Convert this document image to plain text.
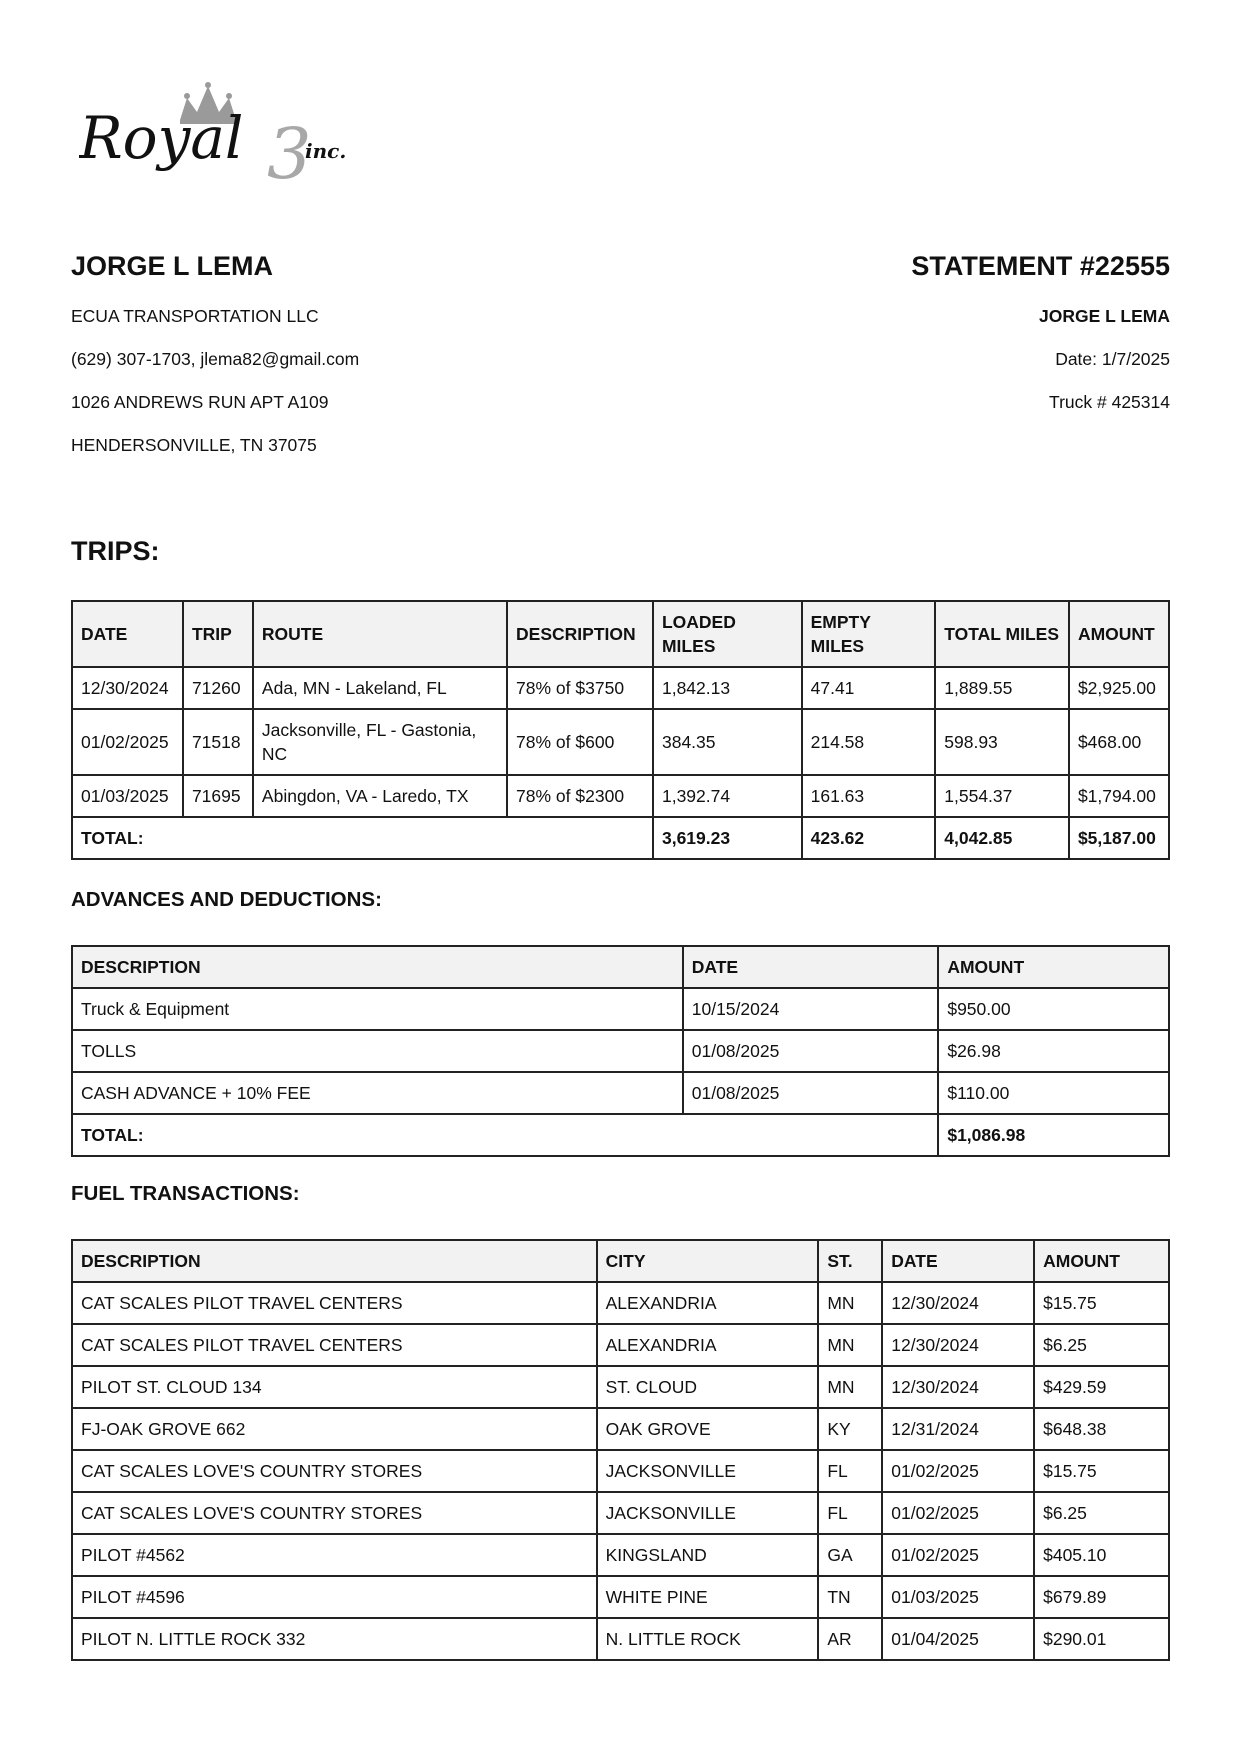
Royal 3
inc.
JORGE L LEMA

ECUA TRANSPORTATION LLC

(629) 307-1703, jlema82@gmail.com

1026 ANDREWS RUN APT A109

HENDERSONVILLE, TN 37075

STATEMENT #22555

JORGE L LEMA

Date: 1/7/2025

Truck # 425314

TRIPS:
DATE	TRIP	ROUTE	DESCRIPTION	LOADED MILES	EMPTY MILES	TOTAL MILES	AMOUNT
12/30/2024	71260	Ada, MN - Lakeland, FL	78% of $3750	1,842.13	47.41	1,889.55	$2,925.00
01/02/2025	71518	Jacksonville, FL - Gastonia, NC	78% of $600	384.35	214.58	598.93	$468.00
01/03/2025	71695	Abingdon, VA - Laredo, TX	78% of $2300	1,392.74	161.63	1,554.37	$1,794.00
TOTAL:				3,619.23	423.62	4,042.85	$5,187.00
ADVANCES AND DEDUCTIONS:
DESCRIPTION	DATE	AMOUNT
Truck & Equipment	10/15/2024	$950.00
TOLLS	01/08/2025	$26.98
CASH ADVANCE + 10% FEE	01/08/2025	$110.00
TOTAL:		$1,086.98
FUEL TRANSACTIONS:
DESCRIPTION	CITY	ST.	DATE	AMOUNT
CAT SCALES PILOT TRAVEL CENTERS	ALEXANDRIA	MN	12/30/2024	$15.75
CAT SCALES PILOT TRAVEL CENTERS	ALEXANDRIA	MN	12/30/2024	$6.25
PILOT ST. CLOUD 134	ST. CLOUD	MN	12/30/2024	$429.59
FJ-OAK GROVE 662	OAK GROVE	KY	12/31/2024	$648.38
CAT SCALES LOVE'S COUNTRY STORES	JACKSONVILLE	FL	01/02/2025	$15.75
CAT SCALES LOVE'S COUNTRY STORES	JACKSONVILLE	FL	01/02/2025	$6.25
PILOT #4562	KINGSLAND	GA	01/02/2025	$405.10
PILOT #4596	WHITE PINE	TN	01/03/2025	$679.89
PILOT N. LITTLE ROCK 332	N. LITTLE ROCK	AR	01/04/2025	$290.01
